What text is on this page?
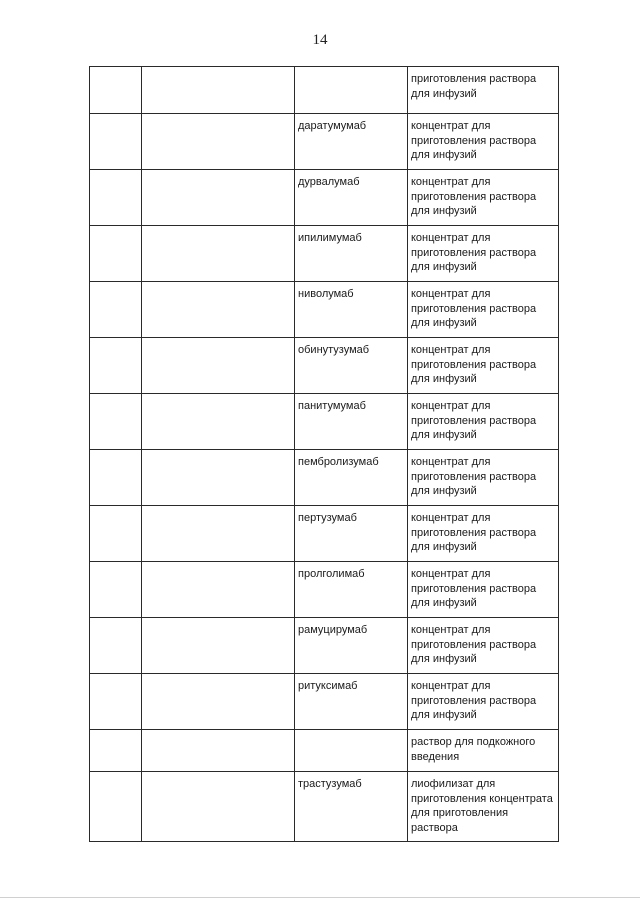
14
			приготовления раствора для инфузий
		даратумумаб	концентрат для приготовления раствора для инфузий
		дурвалумаб	концентрат для приготовления раствора для инфузий
		ипилимумаб	концентрат для приготовления раствора для инфузий
		ниволумаб	концентрат для приготовления раствора для инфузий
		обинутузумаб	концентрат для приготовления раствора для инфузий
		панитумумаб	концентрат для приготовления раствора для инфузий
		пембролизумаб	концентрат для приготовления раствора для инфузий
		пертузумаб	концентрат для приготовления раствора для инфузий
		пролголимаб	концентрат для приготовления раствора для инфузий
		рамуцирумаб	концентрат для приготовления раствора для инфузий
		ритуксимаб	концентрат для приготовления раствора для инфузий
			раствор для подкожного введения
		трастузумаб	лиофилизат для приготовления концентрата для приготовления раствора
